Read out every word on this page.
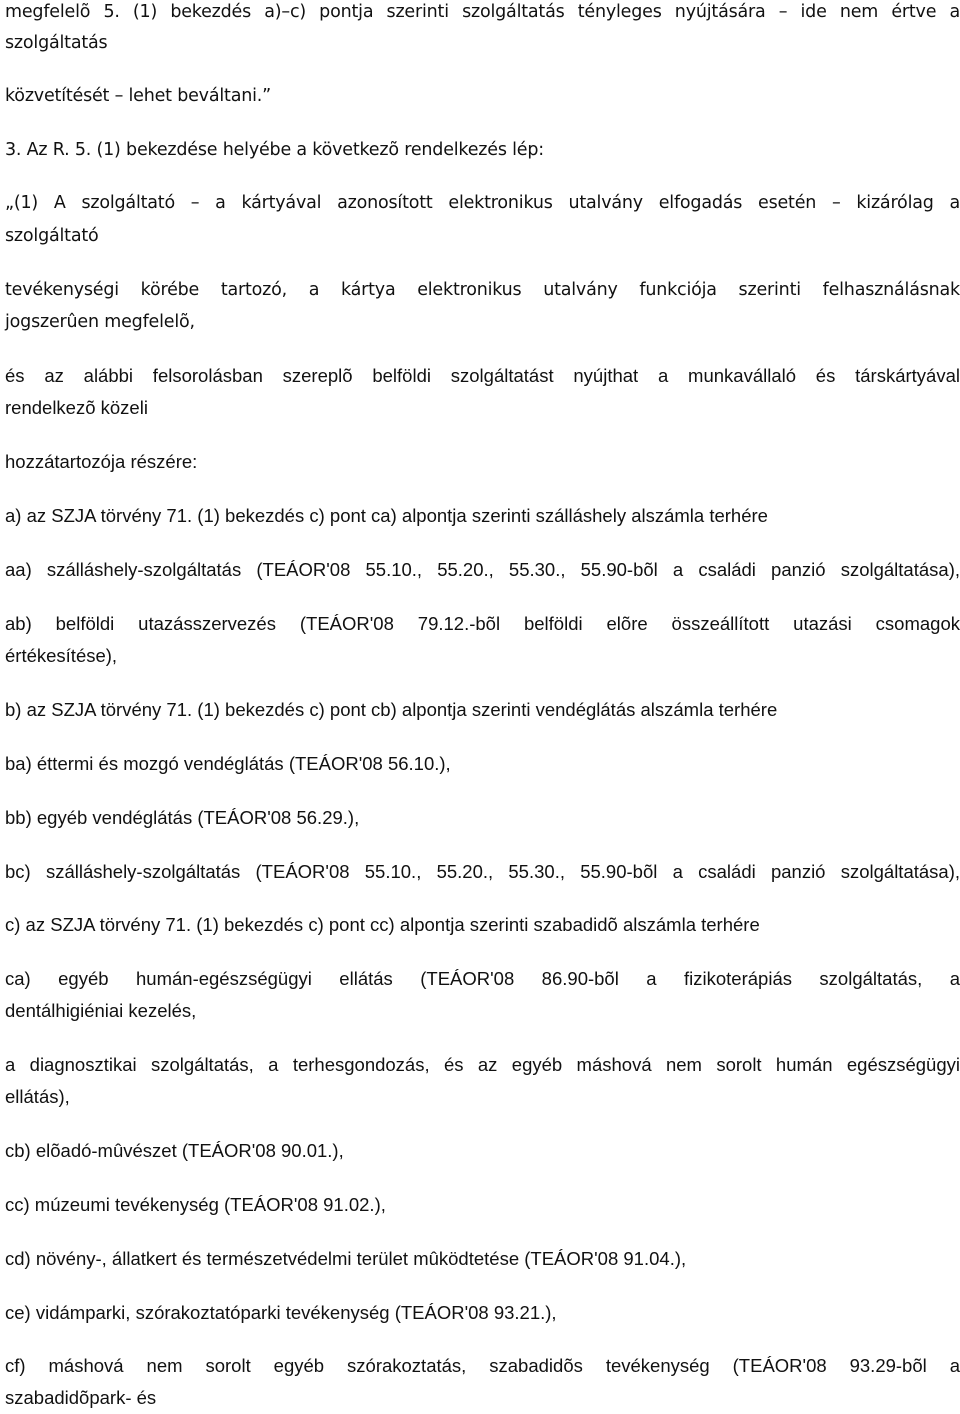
megfelelõ 5. (1) bekezdés a)–c) pontja szerinti szolgáltatás tényleges nyújtására – ide nem értve a
szolgáltatás
közvetítését – lehet beváltani.”
3. Az R. 5. (1) bekezdése helyébe a következõ rendelkezés lép:
„(1) A szolgáltató – a kártyával azonosított elektronikus utalvány elfogadás esetén – kizárólag a
szolgáltató
tevékenységi körébe tartozó, a kártya elektronikus utalvány funkciója szerinti felhasználásnak
jogszerûen megfelelõ,
és az alábbi felsorolásban szereplõ belföldi szolgáltatást nyújthat a munkavállaló és társkártyával
rendelkezõ közeli
hozzátartozója részére:
a) az SZJA törvény 71. (1) bekezdés c) pont ca) alpontja szerinti szálláshely alszámla terhére
aa) szálláshely-szolgáltatás (TEÁOR'08 55.10., 55.20., 55.30., 55.90-bõl a családi panzió szolgáltatása),
ab) belföldi utazásszervezés (TEÁOR'08 79.12.-bõl belföldi elõre összeállított utazási csomagok
értékesítése),
b) az SZJA törvény 71. (1) bekezdés c) pont cb) alpontja szerinti vendéglátás alszámla terhére
ba) éttermi és mozgó vendéglátás (TEÁOR'08 56.10.),
bb) egyéb vendéglátás (TEÁOR'08 56.29.),
bc) szálláshely-szolgáltatás (TEÁOR'08 55.10., 55.20., 55.30., 55.90-bõl a családi panzió szolgáltatása),
c) az SZJA törvény 71. (1) bekezdés c) pont cc) alpontja szerinti szabadidõ alszámla terhére
ca) egyéb humán-egészségügyi ellátás (TEÁOR'08 86.90-bõl a fizikoterápiás szolgáltatás, a
dentálhigiéniai kezelés,
a diagnosztikai szolgáltatás, a terhesgondozás, és az egyéb máshová nem sorolt humán egészségügyi
ellátás),
cb) elõadó-mûvészet (TEÁOR'08 90.01.),
cc) múzeumi tevékenység (TEÁOR'08 91.02.),
cd) növény-, állatkert és természetvédelmi terület mûködtetése (TEÁOR'08 91.04.),
ce) vidámparki, szórakoztatóparki tevékenység (TEÁOR'08 93.21.),
cf) máshová nem sorolt egyéb szórakoztatás, szabadidõs tevékenység (TEÁOR'08 93.29-bõl a
szabadidõpark- és
